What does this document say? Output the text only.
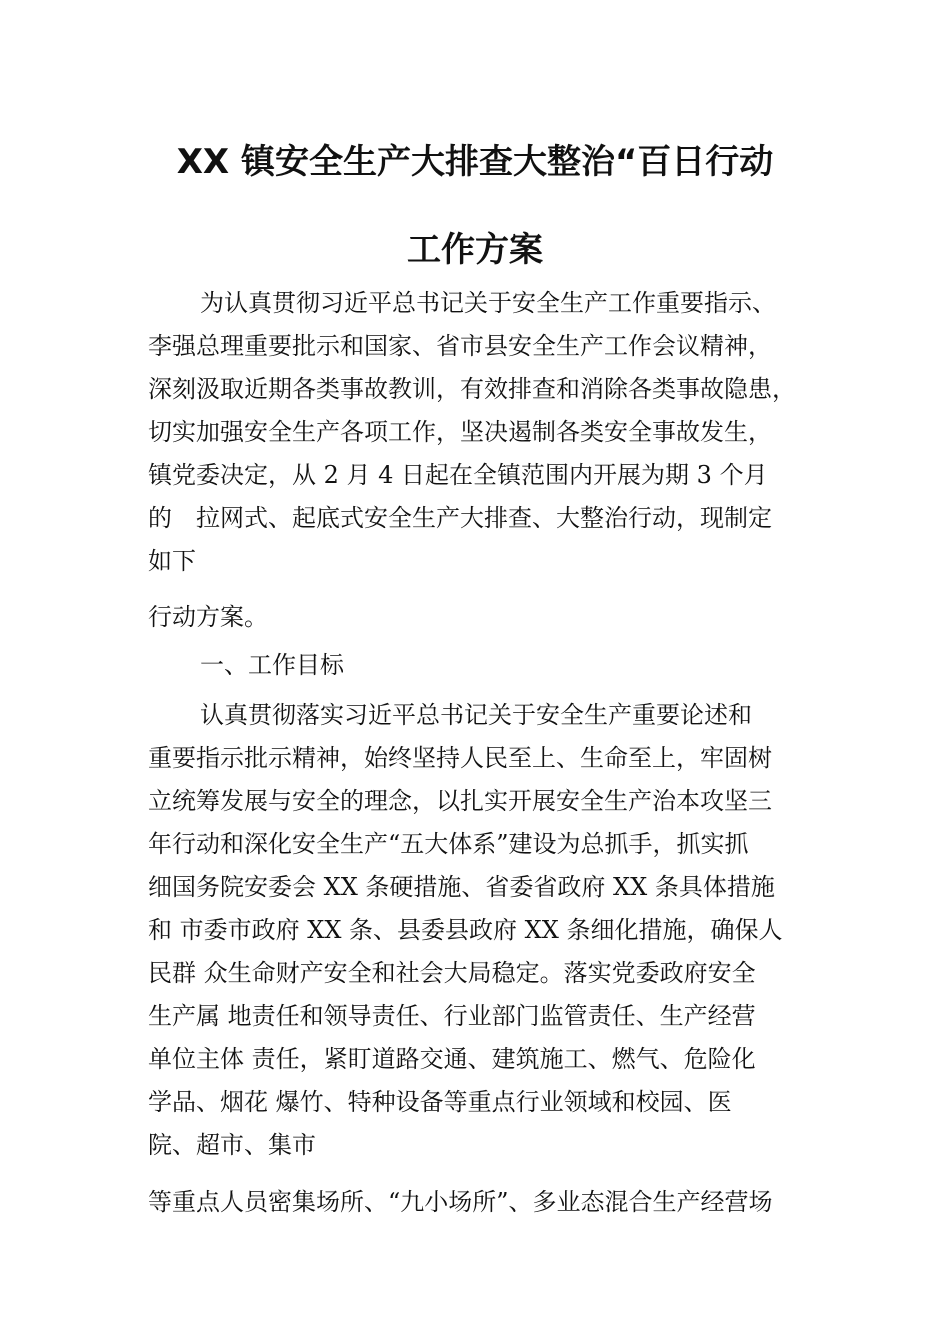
XX 镇安全生产大排查大整治“百日行动
工作方案
为认真贯彻习近平总书记关于安全生产工作重要指示、
李强总理重要批示和国家、省市县安全生产工作会议精神，
深刻汲取近期各类事故教训，有效排查和消除各类事故隐患，
切实加强安全生产各项工作，坚决遏制各类安全事故发生，
镇党委决定，从 2 月 4 日起在全镇范围内开展为期 3 个月
的　拉网式、起底式安全生产大排查、大整治行动，现制定
如下
行动方案。
一、工作目标
认真贯彻落实习近平总书记关于安全生产重要论述和
重要指示批示精神，始终坚持人民至上、生命至上，牢固树
立统筹发展与安全的理念，以扎实开展安全生产治本攻坚三
年行动和深化安全生产“五大体系”建设为总抓手，抓实抓
细国务院安委会 XX 条硬措施、省委省政府 XX 条具体措施
和 市委市政府 XX 条、县委县政府 XX 条细化措施，确保人
民群 众生命财产安全和社会大局稳定。落实党委政府安全
生产属 地责任和领导责任、行业部门监管责任、生产经营
单位主体 责任，紧盯道路交通、建筑施工、燃气、危险化
学品、烟花 爆竹、特种设备等重点行业领域和校园、医
院、超市、集市
等重点人员密集场所、“九小场所”、多业态混合生产经营场
